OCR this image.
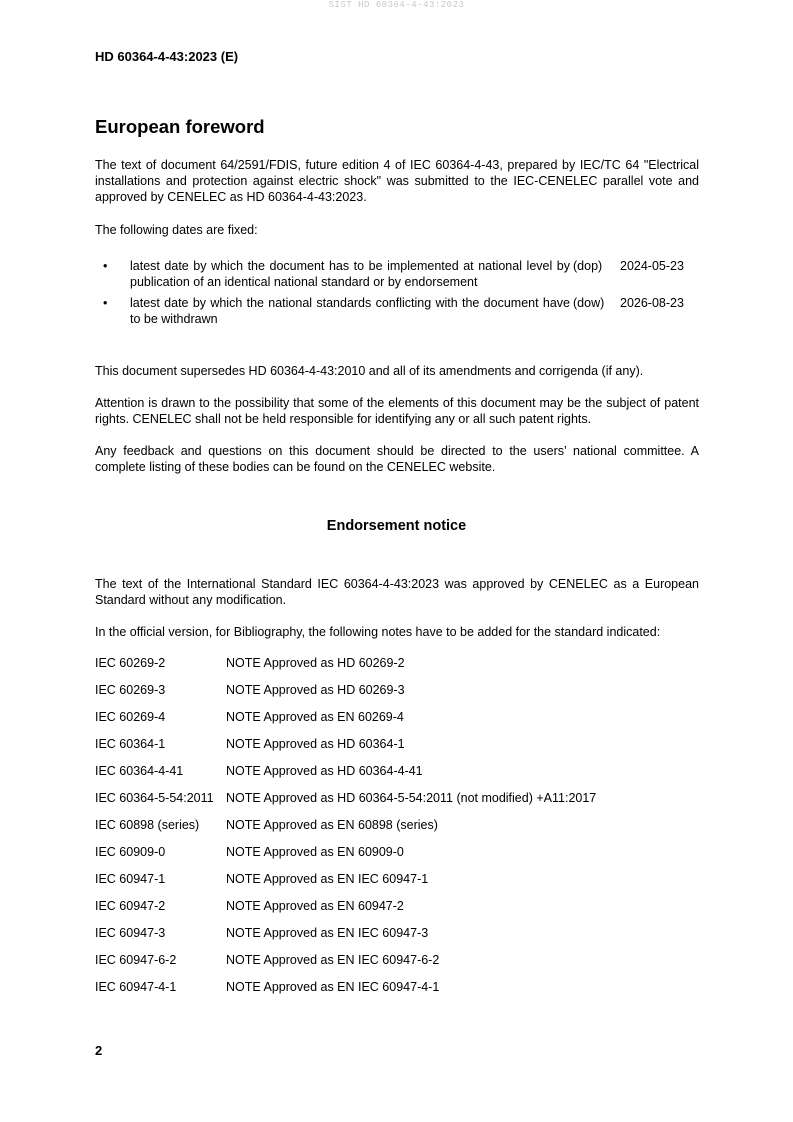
SIST HD 60364-4-43:2023
HD 60364-4-43:2023 (E)
European foreword

The text of document 64/2591/FDIS, future edition 4 of IEC 60364-4-43, prepared by IEC/TC 64 "Electrical installations and protection against electric shock" was submitted to the IEC-CENELEC parallel vote and approved by CENELEC as HD 60364-4-43:2023.

The following dates are fixed:

• latest date by which the document has to be implemented at national level by publication of an identical national standard or by endorsement
(dop) 2024-05-23
• latest date by which the national standards conflicting with the document have to be withdrawn
(dow) 2026-08-23

This document supersedes HD 60364-4-43:2010 and all of its amendments and corrigenda (if any).

Attention is drawn to the possibility that some of the elements of this document may be the subject of patent rights. CENELEC shall not be held responsible for identifying any or all such patent rights.

Any feedback and questions on this document should be directed to the users’ national committee. A complete listing of these bodies can be found on the CENELEC website.

Endorsement notice

The text of the International Standard IEC 60364-4-43:2023 was approved by CENELEC as a European Standard without any modification.

In the official version, for Bibliography, the following notes have to be added for the standard indicated:

IEC 60269-2	NOTE Approved as HD 60269-2
IEC 60269-3	NOTE Approved as HD 60269-3
IEC 60269-4	NOTE Approved as EN 60269-4
IEC 60364-1	NOTE Approved as HD 60364-1
IEC 60364-4-41	NOTE Approved as HD 60364-4-41
IEC 60364-5-54:2011	NOTE Approved as HD 60364-5-54:2011 (not modified) +A11:2017
IEC 60898 (series)	NOTE Approved as EN 60898 (series)
IEC 60909-0	NOTE Approved as EN 60909-0
IEC 60947-1	NOTE Approved as EN IEC 60947-1
IEC 60947-2	NOTE Approved as EN 60947-2
IEC 60947-3	NOTE Approved as EN IEC 60947-3
IEC 60947-6-2	NOTE Approved as EN IEC 60947-6-2
IEC 60947-4-1	NOTE Approved as EN IEC 60947-4-1
2
